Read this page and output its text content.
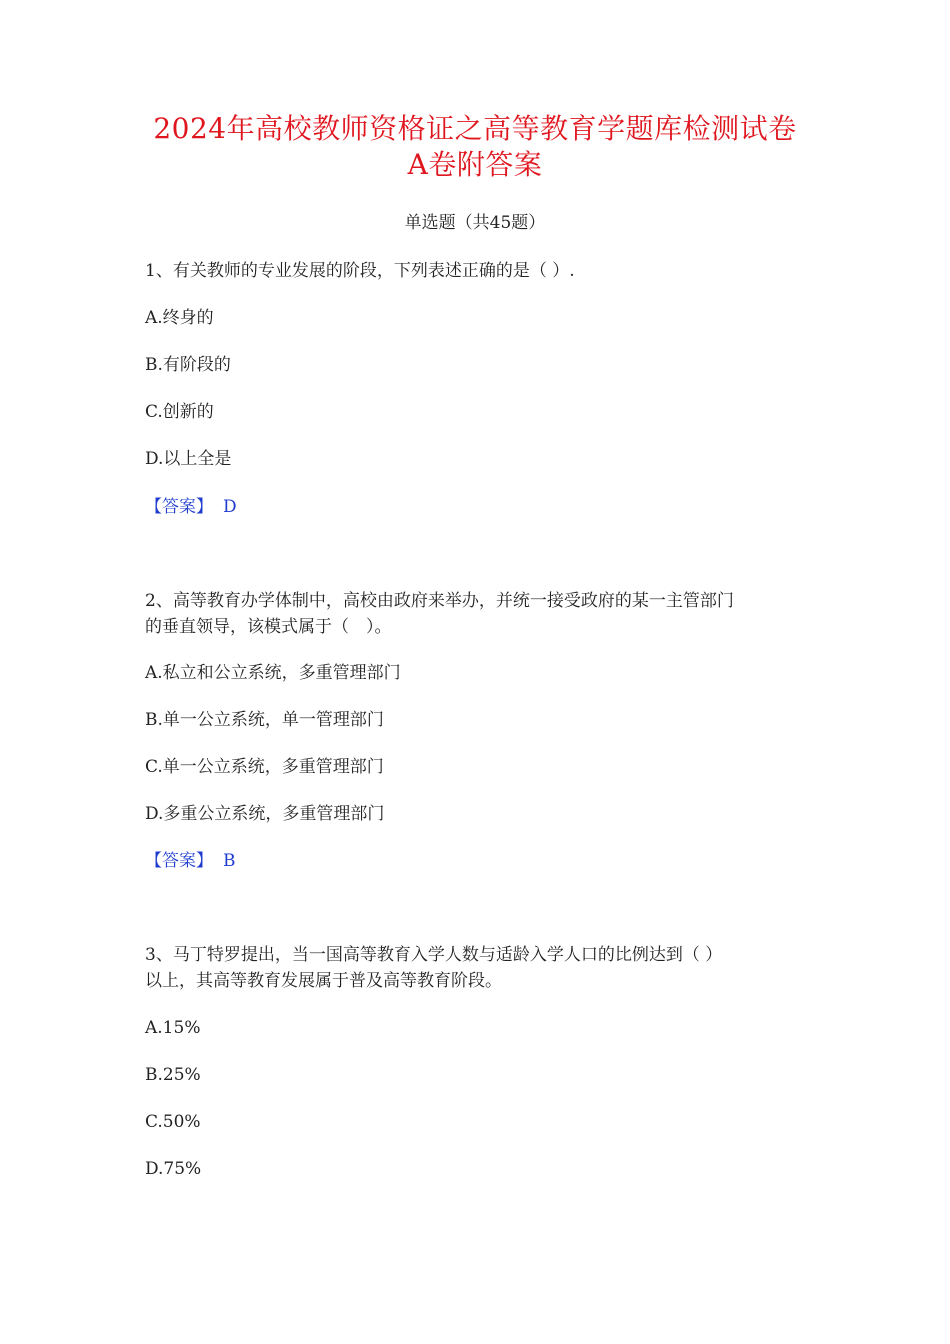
2024年高校教师资格证之高等教育学题库检测试卷
A卷附答案
单选题（共45题）
1、有关教师的专业发展的阶段，下列表述正确的是（ ）.
A.终身的
B.有阶段的
C.创新的
D.以上全是
【答案】 D
2、高等教育办学体制中，高校由政府来举办，并统一接受政府的某一主管部门
的垂直领导，该模式属于（　）。
A.私立和公立系统，多重管理部门
B.单一公立系统，单一管理部门
C.单一公立系统，多重管理部门
D.多重公立系统，多重管理部门
【答案】 B
3、马丁特罗提出，当一国高等教育入学人数与适龄入学人口的比例达到（ ）
以上，其高等教育发展属于普及高等教育阶段。
A.15%
B.25%
C.50%
D.75%
